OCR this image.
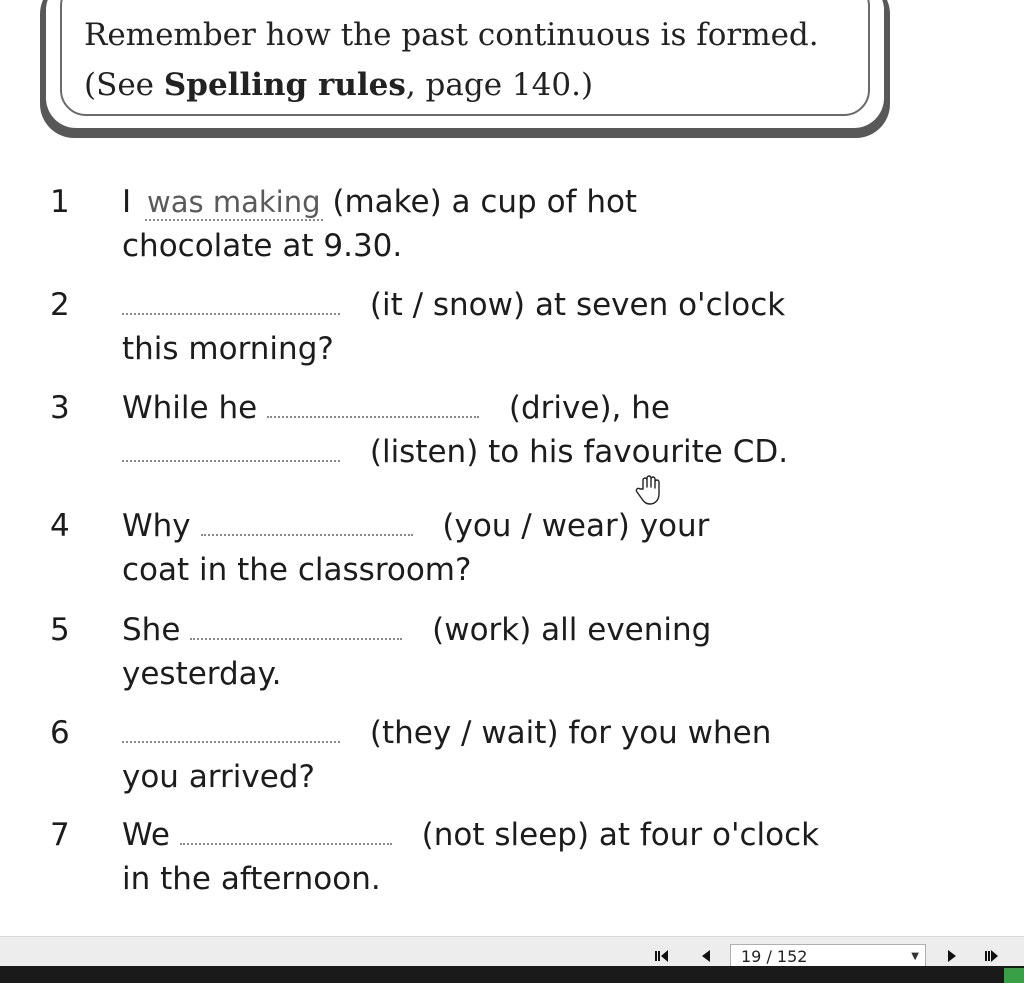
Remember how the past continuous is formed.
(See Spelling rules, page 140.)
1	I was making (make) a cup of hot
chocolate at 9.30.
2	(it / snow) at seven o'clock
this morning?
3	While he	(drive), he
(listen) to his favourite CD.
4	Why	(you / wear) your
coat in the classroom?
5	She	(work) all evening
yesterday.
6	(they / wait) for you when
you arrived?
7	We	(not sleep) at four o'clock
in the afternoon.
19 / 152	▼
